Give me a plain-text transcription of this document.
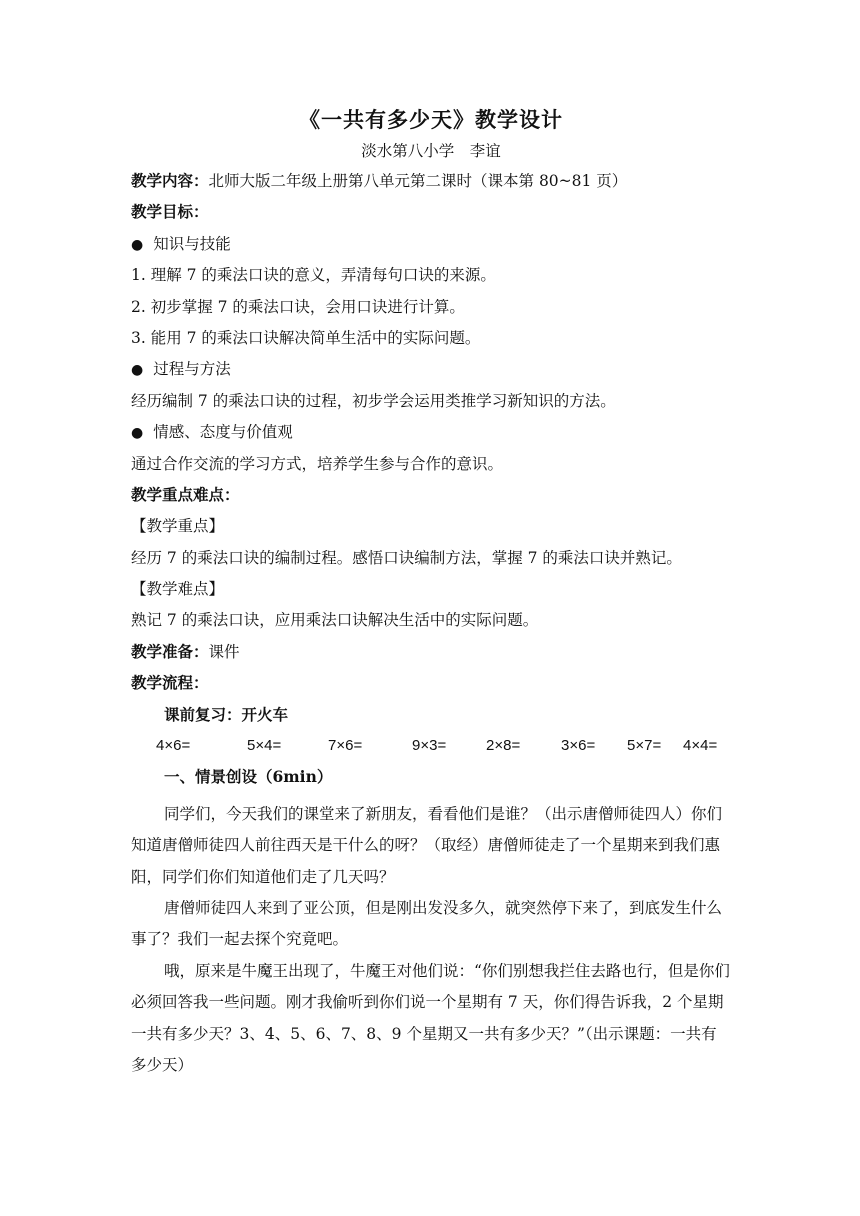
《一共有多少天》教学设计
淡水第八小学　李谊
教学内容：北师大版二年级上册第八单元第二课时（课本第 80~81 页）
教学目标：
● 知识与技能
1. 理解 7 的乘法口诀的意义，弄清每句口诀的来源。
2. 初步掌握 7 的乘法口诀，会用口诀进行计算。
3. 能用 7 的乘法口诀解决简单生活中的实际问题。
● 过程与方法
经历编制 7 的乘法口诀的过程，初步学会运用类推学习新知识的方法。
● 情感、态度与价值观
通过合作交流的学习方式，培养学生参与合作的意识。
教学重点难点：
【教学重点】
经历 7 的乘法口诀的编制过程。感悟口诀编制方法，掌握 7 的乘法口诀并熟记。
【教学难点】
熟记 7 的乘法口诀，应用乘法口诀解决生活中的实际问题。
教学准备：课件
教学流程：
课前复习：开火车
4×6=	5×4=	7×6=	9×3=	2×8=	3×6=	5×7=	4×4=
一、情景创设（6min）

同学们，今天我们的课堂来了新朋友，看看他们是谁？（出示唐僧师徒四人）你们知道唐僧师徒四人前往西天是干什么的呀？（取经）唐僧师徒走了一个星期来到我们惠阳，同学们你们知道他们走了几天吗？

唐僧师徒四人来到了亚公顶，但是刚出发没多久，就突然停下来了，到底发生什么事了？我们一起去探个究竟吧。

哦，原来是牛魔王出现了，牛魔王对他们说：“你们别想我拦住去路也行，但是你们必须回答我一些问题。刚才我偷听到你们说一个星期有 7 天，你们得告诉我，2 个星期一共有多少天？3、4、5、6、7、8、9 个星期又一共有多少天？”（出示课题：一共有多少天）
